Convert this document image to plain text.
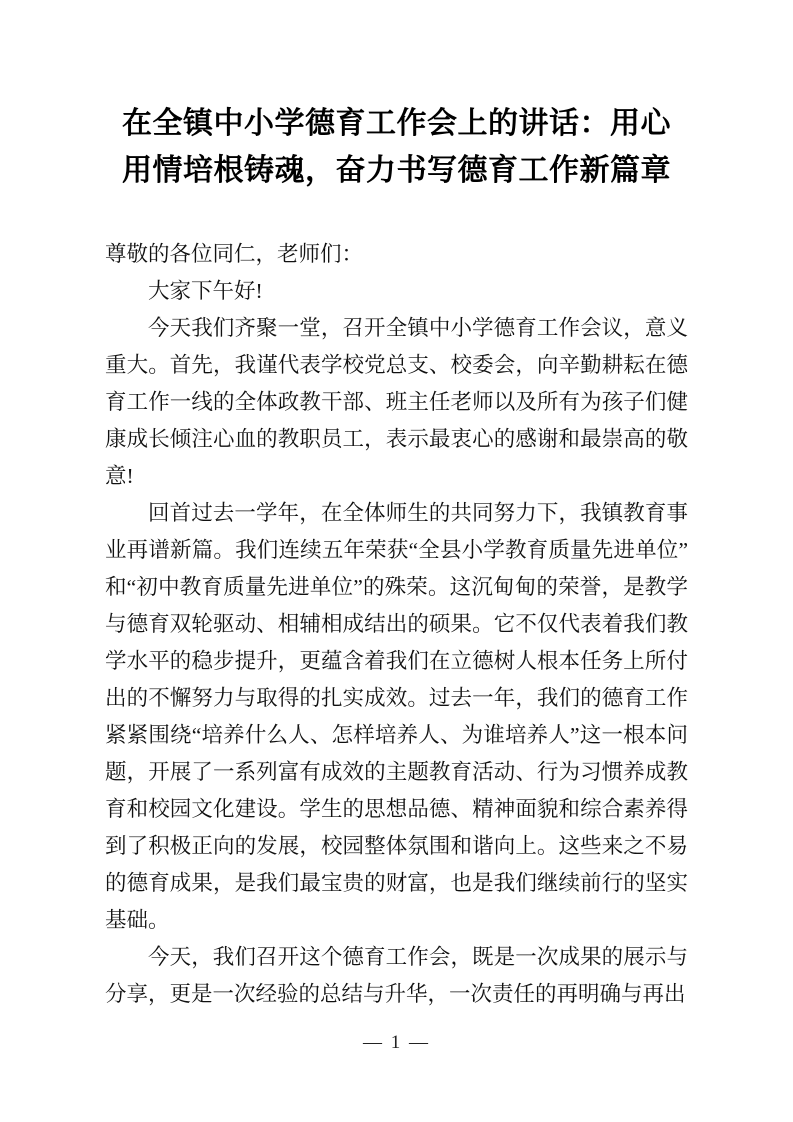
在全镇中小学德育工作会上的讲话：用心
用情培根铸魂，奋力书写德育工作新篇章

尊敬的各位同仁，老师们：

大家下午好!

今天我们齐聚一堂，召开全镇中小学德育工作会议，意义重大。首先，我谨代表学校党总支、校委会，向辛勤耕耘在德育工作一线的全体政教干部、班主任老师以及所有为孩子们健康成长倾注心血的教职员工，表示最衷心的感谢和最崇高的敬意!

回首过去一学年，在全体师生的共同努力下，我镇教育事业再谱新篇。我们连续五年荣获“全县小学教育质量先进单位”和“初中教育质量先进单位”的殊荣。这沉甸甸的荣誉，是教学与德育双轮驱动、相辅相成结出的硕果。它不仅代表着我们教学水平的稳步提升，更蕴含着我们在立德树人根本任务上所付出的不懈努力与取得的扎实成效。过去一年，我们的德育工作紧紧围绕“培养什么人、怎样培养人、为谁培养人”这一根本问题，开展了一系列富有成效的主题教育活动、行为习惯养成教育和校园文化建设。学生的思想品德、精神面貌和综合素养得到了积极正向的发展，校园整体氛围和谐向上。这些来之不易的德育成果，是我们最宝贵的财富，也是我们继续前行的坚实基础。

今天，我们召开这个德育工作会，既是一次成果的展示与分享，更是一次经验的总结与升华，一次责任的再明确与再出

— 1 —
